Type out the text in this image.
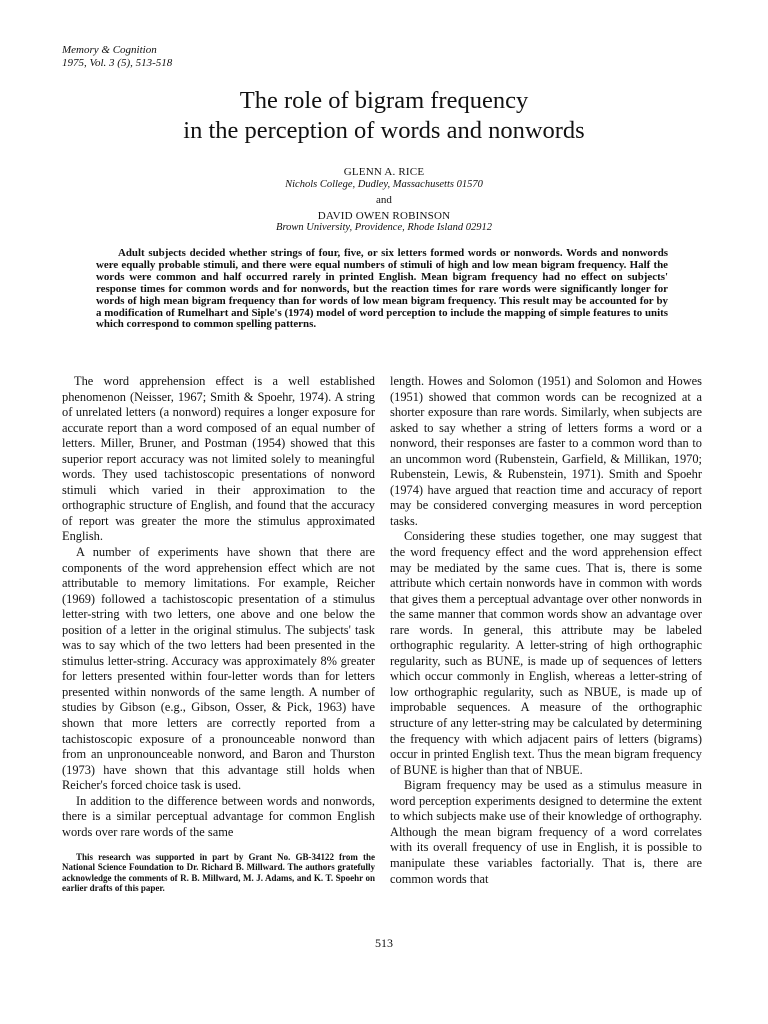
Memory & Cognition
1975, Vol. 3 (5), 513-518
The role of bigram frequency
in the perception of words and nonwords
GLENN A. RICE
Nichols College, Dudley, Massachusetts 01570
and
DAVID OWEN ROBINSON
Brown University, Providence, Rhode Island 02912

Adult subjects decided whether strings of four, five, or six letters formed words or nonwords. Words and nonwords were equally probable stimuli, and there were equal numbers of stimuli of high and low mean bigram frequency. Half the words were common and half occurred rarely in printed English. Mean bigram frequency had no effect on subjects' response times for common words and for nonwords, but the reaction times for rare words were significantly longer for words of high mean bigram frequency than for words of low mean bigram frequency. This result may be accounted for by a modification of Rumelhart and Siple's (1974) model of word perception to include the mapping of simple features to units which correspond to common spelling patterns.

The word apprehension effect is a well established phenomenon (Neisser, 1967; Smith & Spoehr, 1974). A string of unrelated letters (a nonword) requires a longer exposure for accurate report than a word composed of an equal number of letters. Miller, Bruner, and Postman (1954) showed that this superior report accuracy was not limited solely to meaningful words. They used tachistoscopic presentations of nonword stimuli which varied in their approximation to the orthographic structure of English, and found that the accuracy of report was greater the more the stimulus approximated English.

A number of experiments have shown that there are components of the word apprehension effect which are not attributable to memory limitations. For example, Reicher (1969) followed a tachistoscopic presentation of a stimulus letter-string with two letters, one above and one below the position of a letter in the original stimulus. The subjects' task was to say which of the two letters had been presented in the stimulus letter-string. Accuracy was approximately 8% greater for letters presented within four-letter words than for letters presented within nonwords of the same length. A number of studies by Gibson (e.g., Gibson, Osser, & Pick, 1963) have shown that more letters are correctly reported from a tachistoscopic exposure of a pronounceable nonword than from an unpronounceable nonword, and Baron and Thurston (1973) have shown that this advantage still holds when Reicher's forced choice task is used.

In addition to the difference between words and nonwords, there is a similar perceptual advantage for common English words over rare words of the same

This research was supported in part by Grant No. GB-34122 from the National Science Foundation to Dr. Richard B. Millward. The authors gratefully acknowledge the comments of R. B. Millward, M. J. Adams, and K. T. Spoehr on earlier drafts of this paper.

length. Howes and Solomon (1951) and Solomon and Howes (1951) showed that common words can be recognized at a shorter exposure than rare words. Similarly, when subjects are asked to say whether a string of letters forms a word or a nonword, their responses are faster to a common word than to an uncommon word (Rubenstein, Garfield, & Millikan, 1970; Rubenstein, Lewis, & Rubenstein, 1971). Smith and Spoehr (1974) have argued that reaction time and accuracy of report may be considered converging measures in word perception tasks.

Considering these studies together, one may suggest that the word frequency effect and the word apprehension effect may be mediated by the same cues. That is, there is some attribute which certain nonwords have in common with words that gives them a perceptual advantage over other nonwords in the same manner that common words show an advantage over rare words. In general, this attribute may be labeled orthographic regularity. A letter-string of high orthographic regularity, such as BUNE, is made up of sequences of letters which occur commonly in English, whereas a letter-string of low orthographic regularity, such as NBUE, is made up of improbable sequences. A measure of the orthographic structure of any letter-string may be calculated by determining the frequency with which adjacent pairs of letters (bigrams) occur in printed English text. Thus the mean bigram frequency of BUNE is higher than that of NBUE.

Bigram frequency may be used as a stimulus measure in word perception experiments designed to determine the extent to which subjects make use of their knowledge of orthography. Although the mean bigram frequency of a word correlates with its overall frequency of use in English, it is possible to manipulate these variables factorially. That is, there are common words that

513
